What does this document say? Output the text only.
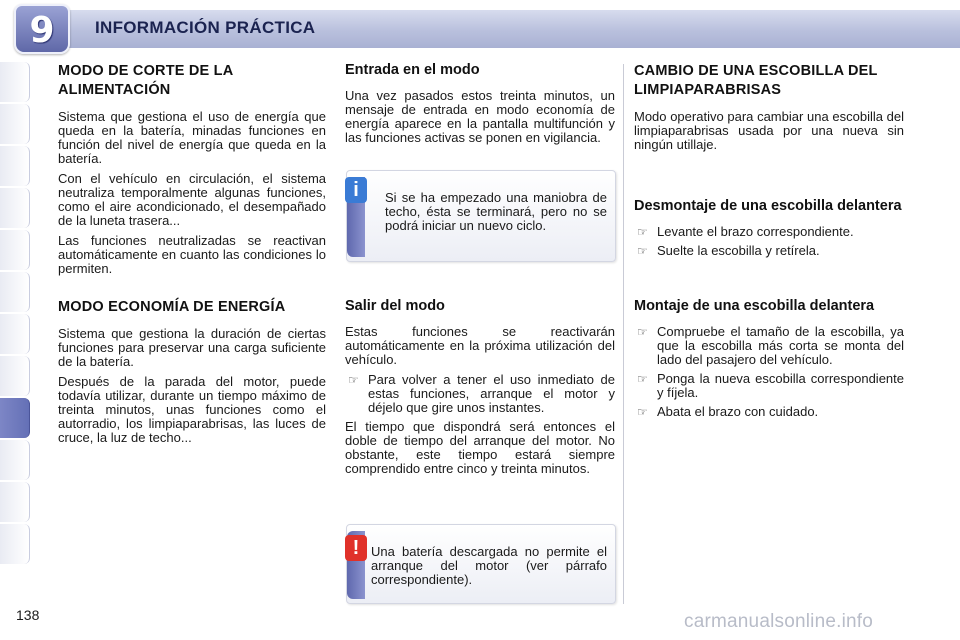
9	INFORMACIÓN PRÁCTICA
MODO DE CORTE DE LA ALIMENTACIÓN

Sistema que gestiona el uso de energía que queda en la batería, minadas funciones en función del nivel de energía que queda en la batería.

Con el vehículo en circulación, el sistema neutraliza temporalmente algunas funciones, como el aire acondicionado, el desempañado de la luneta trasera...

Las funciones neutralizadas se reactivan automáticamente en cuanto las condiciones lo permiten.

MODO ECONOMÍA DE ENERGÍA

Sistema que gestiona la duración de ciertas funciones para preservar una carga suficiente de la batería.

Después de la parada del motor, puede todavía utilizar, durante un tiempo máximo de treinta minutos, unas funciones como el autorradio, los limpiaparabrisas, las luces de cruce, la luz de techo...

Entrada en el modo

Una vez pasados estos treinta minutos, un mensaje de entrada en modo economía de energía aparece en la pantalla multifunción y las funciones activas se ponen en vigilancia.

i	Si se ha empezado una maniobra de techo, ésta se terminará, pero no se podrá iniciar un nuevo ciclo.
Salir del modo

Estas funciones se reactivarán automáticamente en la próxima utilización del vehículo.

☞ Para volver a tener el uso inmediato de estas funciones, arranque el motor y déjelo que gire unos instantes.

El tiempo que dispondrá será entonces el doble de tiempo del arranque del motor. No obstante, este tiempo estará siempre comprendido entre cinco y treinta minutos.

! Una batería descargada no permite el arranque del motor (ver párrafo correspondiente).
CAMBIO DE UNA ESCOBILLA DEL LIMPIAPARABRISAS

Modo operativo para cambiar una escobilla del limpiaparabrisas usada por una nueva sin ningún utillaje.

Desmontaje de una escobilla delantera
☞ Levante el brazo correspondiente.
☞ Suelte la escobilla y retírela.
Montaje de una escobilla delantera
☞ Compruebe el tamaño de la escobilla, ya que la escobilla más corta se monta del lado del pasajero del vehículo.
☞ Ponga la nueva escobilla correspondiente y fíjela.
☞ Abata el brazo con cuidado.
138	carmanualsonline.info
